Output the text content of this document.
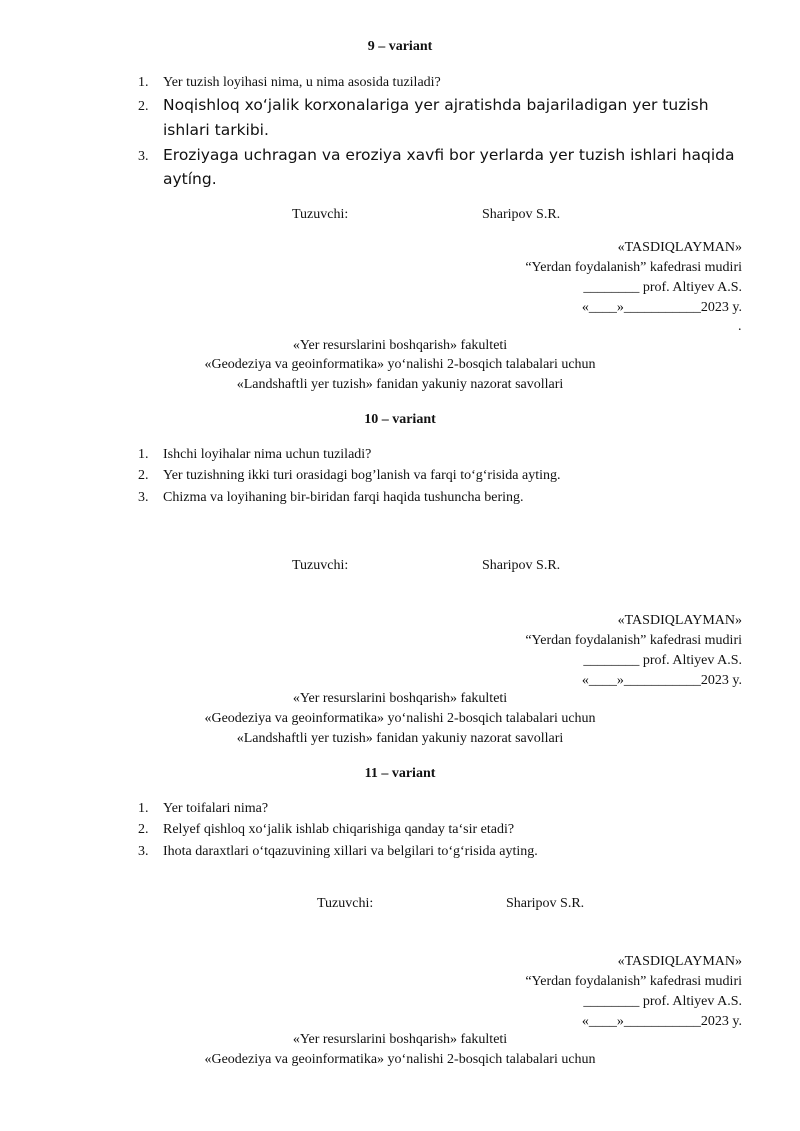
9 – variant
1. Yer tuzish loyihasi nima, u nima asosida tuziladi?
2. Noqishloq xo‘jalik korxonalariga yer ajratishda bajariladigan yer tuzish
ishlari tarkibi.
3. Eroziyaga uchragan va eroziya xavfi bor yerlarda yer tuzish ishlari haqida
aytíng.
Tuzuvchi:	Sharipov S.R.
«TASDIQLAYMAN»
“Yerdan foydalanish” kafedrasi mudiri
________ prof. Altiyev A.S.
«____»___________2023 y.
.
«Yer resurslarini boshqarish» fakulteti
«Geodeziya va geoinformatika» yo‘nalishi 2-bosqich talabalari uchun
«Landshaftli yer tuzish» fanidan yakuniy nazorat savollari
10 – variant
1. Ishchi loyihalar nima uchun tuziladi?
2. Yer tuzishning ikki turi orasidagi bog’lanish va farqi to‘g‘risida ayting.
3. Chizma va loyihaning bir-biridan farqi haqida tushuncha bering.
Tuzuvchi:	Sharipov S.R.
«TASDIQLAYMAN»
“Yerdan foydalanish” kafedrasi mudiri
________ prof. Altiyev A.S.
«____»___________2023 y.
«Yer resurslarini boshqarish» fakulteti
«Geodeziya va geoinformatika» yo‘nalishi 2-bosqich talabalari uchun
«Landshaftli yer tuzish» fanidan yakuniy nazorat savollari
11 – variant
1. Yer toifalari nima?
2. Relyef qishloq xo‘jalik ishlab chiqarishiga qanday ta‘sir etadi?
3. Ihota daraxtlari o‘tqazuvining xillari va belgilari to‘g‘risida ayting.
Tuzuvchi:	Sharipov S.R.
«TASDIQLAYMAN»
“Yerdan foydalanish” kafedrasi mudiri
________ prof. Altiyev A.S.
«____»___________2023 y.
«Yer resurslarini boshqarish» fakulteti
«Geodeziya va geoinformatika» yo‘nalishi 2-bosqich talabalari uchun
